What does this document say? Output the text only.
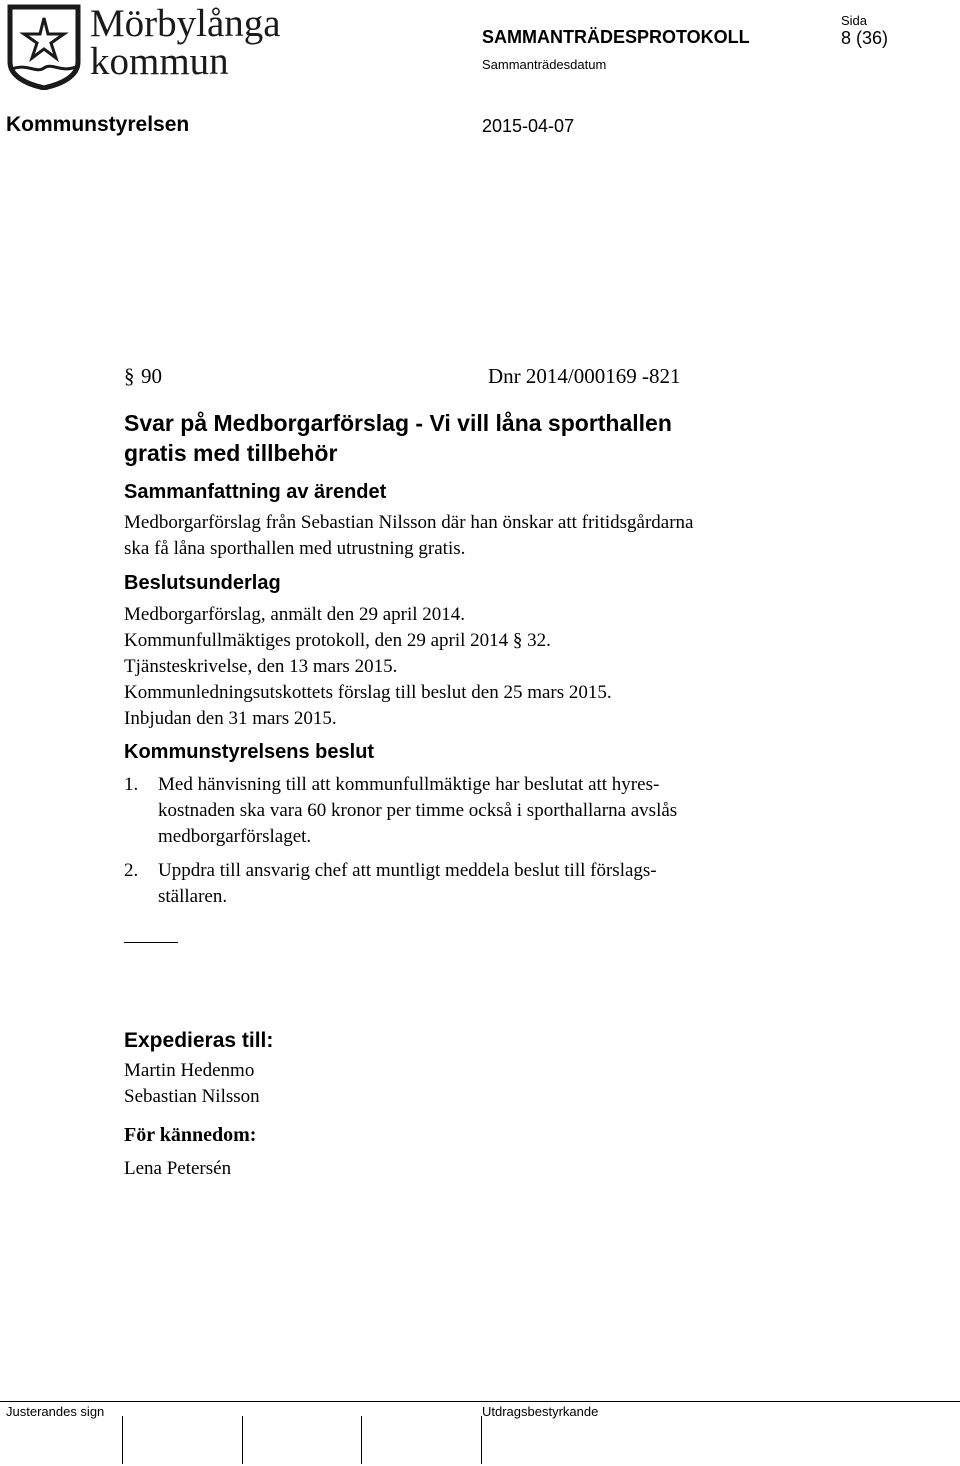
Mörbylånga
kommun
SAMMANTRÄDESPROTOKOLL
Sida
8 (36)
Sammanträdesdatum
Kommunstyrelsen	2015-04-07
§ 90	Dnr 2014/000169 -821
Svar på Medborgarförslag - Vi vill låna sporthallen
gratis med tillbehör
Sammanfattning av ärendet
Medborgarförslag från Sebastian Nilsson där han önskar att fritidsgårdarna
ska få låna sporthallen med utrustning gratis.
Beslutsunderlag
Medborgarförslag, anmält den 29 april 2014.
Kommunfullmäktiges protokoll, den 29 april 2014 § 32.
Tjänsteskrivelse, den 13 mars 2015.
Kommunledningsutskottets förslag till beslut den 25 mars 2015.
Inbjudan den 31 mars 2015.
Kommunstyrelsens beslut
1. Med hänvisning till att kommunfullmäktige har beslutat att hyres-
kostnaden ska vara 60 kronor per timme också i sporthallarna avslås
medborgarförslaget.
2. Uppdra till ansvarig chef att muntligt meddela beslut till förslags-
ställaren.
Expedieras till:
Martin Hedenmo
Sebastian Nilsson
För kännedom:
Lena Petersén
Justerandes sign	Utdragsbestyrkande
